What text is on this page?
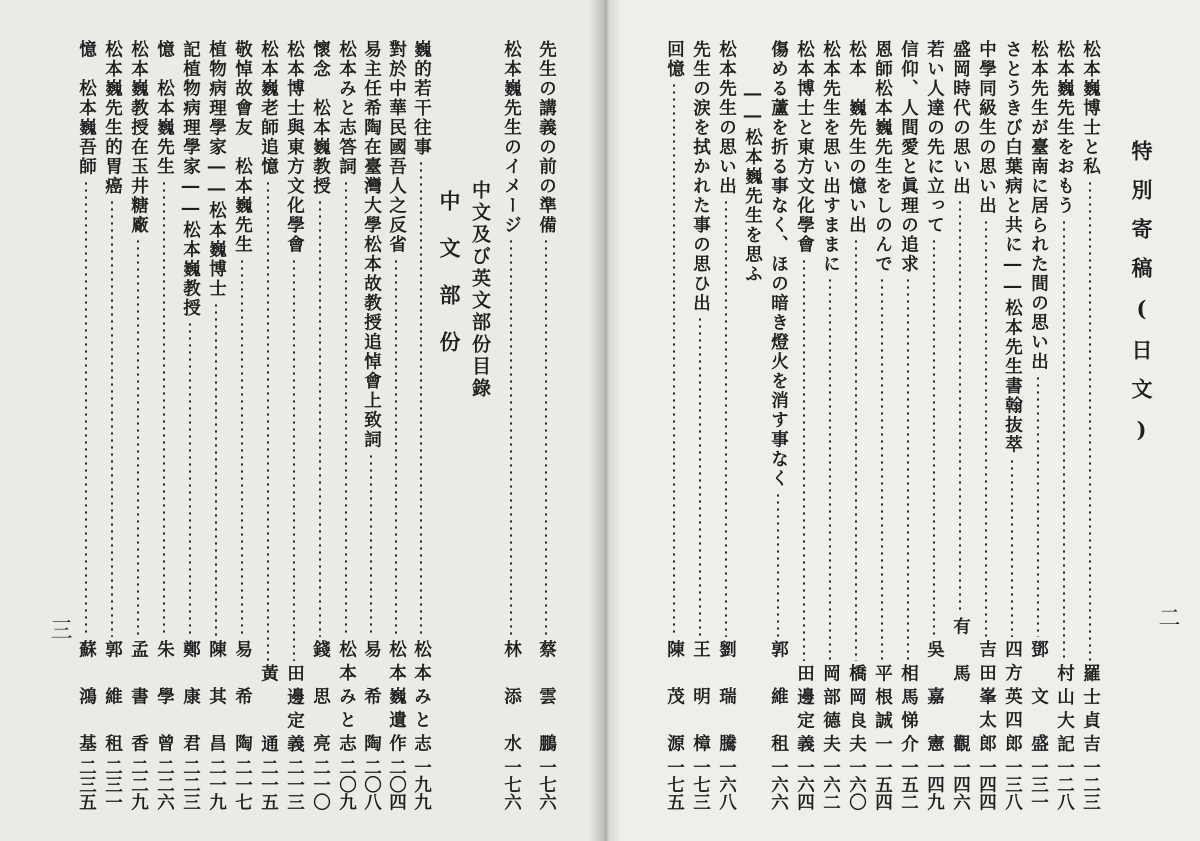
先生の講義の前の準備
蔡　雲　鵬
一七六
松本巍先生のイメージ
林　添　水
一七六
中文及び英文部份目錄
中文部份
巍的若干往事
松本みと志
一九九
對於中華民國吾人之反省
松本巍遺作
二〇四
易主任希陶在臺灣大學松本故教授追悼會上致詞
易　希　陶
二〇八
松本みと志答詞
松本みと志
二〇九
懷念　松本巍教授
錢　思　亮
二一〇
松本博士與東方文化學會
田邊定義
二一三
松本巍老師追憶
黃　　通
二一五
敬悼故會友　松本巍先生
易　希　陶
二一七
植物病理學家――松本巍博士
陳　其　昌
二一九
記植物病理學家――松本巍教授
鄭　康　君
二二三
憶　松本巍先生
朱　學　曾
二二六
松本巍教授在玉井糖廠
孟　書　香
二二九
松本巍先生的胃癌
郭　維　租
二三一
憶　松本巍吾師
蘇　鴻　基
二三五
三
特別寄稿(日文)
松本巍博士と私
羅士貞吉
一二三
松本巍先生をおもう
村山大記
一二八
松本先生が臺南に居られた間の思い出
鄧　文　盛
一三一
さとうきび白葉病と共に――松本先生書翰抜萃
四方英四郎
一三八
中學同級生の思い出
吉田峯太郎
一四四
盛岡時代の思い出
有　馬　　觀
一四六
若い人達の先に立って
吳　嘉　憲
一四九
信仰、人間愛と眞理の追求
相馬悌介
一五二
恩師松本巍先生をしのんで
平根誠一
一五四
松本　巍先生の憶い出
橋岡良夫
一六〇
松本先生を思い出すままに
岡部德夫
一六二
松本博士と東方文化學會
田邊定義
一六四
傷める蘆を折る事なく、ほの暗き燈火を消す事なく
郭　維　租
一六六
――松本巍先生を思ふ
松本先生の思い出
劉　瑞　騰
一六八
先生の涙を拭かれた事の思ひ出
王　明　樟
一七三
回憶
陳　茂　源
一七五
二
